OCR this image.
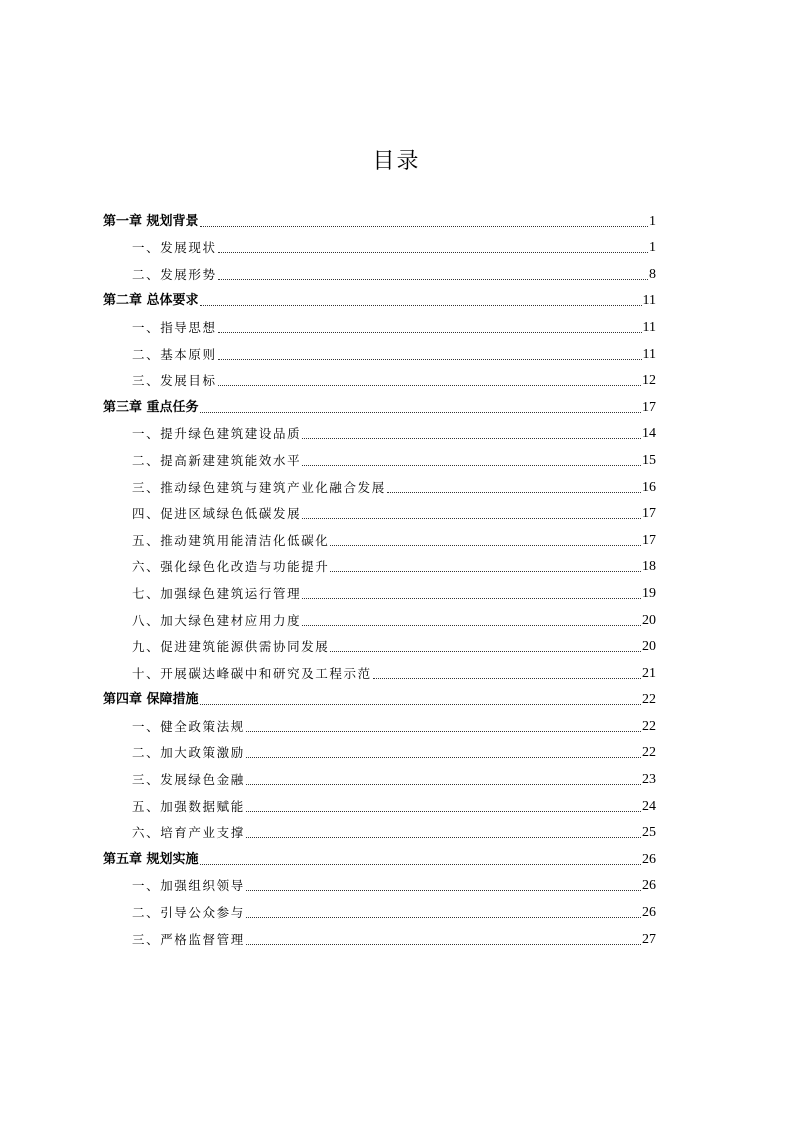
目录
第一章 规划背景	1
一、发展现状	1
二、发展形势	8
第二章 总体要求	11
一、指导思想	11
二、基本原则	11
三、发展目标	12
第三章 重点任务	17
一、提升绿色建筑建设品质	14
二、提高新建建筑能效水平	15
三、推动绿色建筑与建筑产业化融合发展	16
四、促进区域绿色低碳发展	17
五、推动建筑用能清洁化低碳化	17
六、强化绿色化改造与功能提升	18
七、加强绿色建筑运行管理	19
八、加大绿色建材应用力度	20
九、促进建筑能源供需协同发展	20
十、开展碳达峰碳中和研究及工程示范	21
第四章 保障措施	22
一、健全政策法规	22
二、加大政策激励	22
三、发展绿色金融	23
五、加强数据赋能	24
六、培育产业支撑	25
第五章 规划实施	26
一、加强组织领导	26
二、引导公众参与	26
三、严格监督管理	27
